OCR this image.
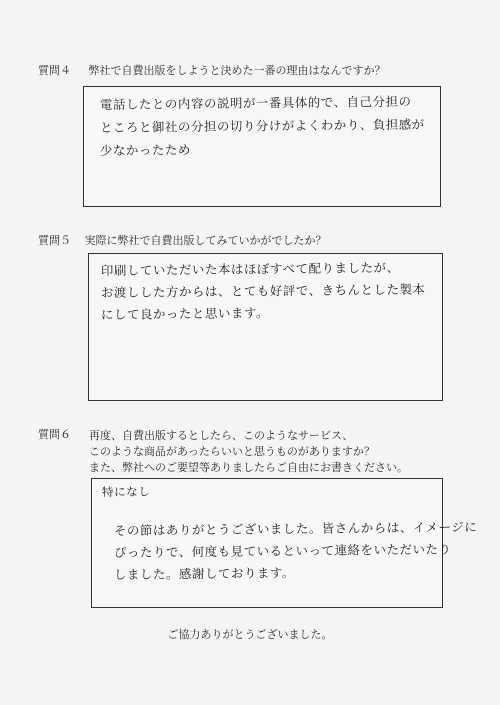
質問４ 弊社で自費出版をしようと決めた一番の理由はなんですか？
電話したとの内容の説明が一番具体的で、自己分担の
ところと御社の分担の切り分けがよくわかり、負担感が
少なかったため
質問５ 実際に弊社で自費出版してみていかがでしたか？
印刷していただいた本はほぼすべて配りましたが、
お渡しした方からは、とても好評で、きちんとした製本
にして良かったと思います。
質問６ 再度、自費出版するとしたら、このようなサービス、
このような商品があったらいいと思うものがありますか？
また、弊社へのご要望等ありましたらご自由にお書きください。
特になし
その節はありがとうございました。皆さんからは、イメージに
ぴったりで、何度も見ているといって連絡をいただいたり
しました。感謝しております。
ご協力ありがとうございました。
